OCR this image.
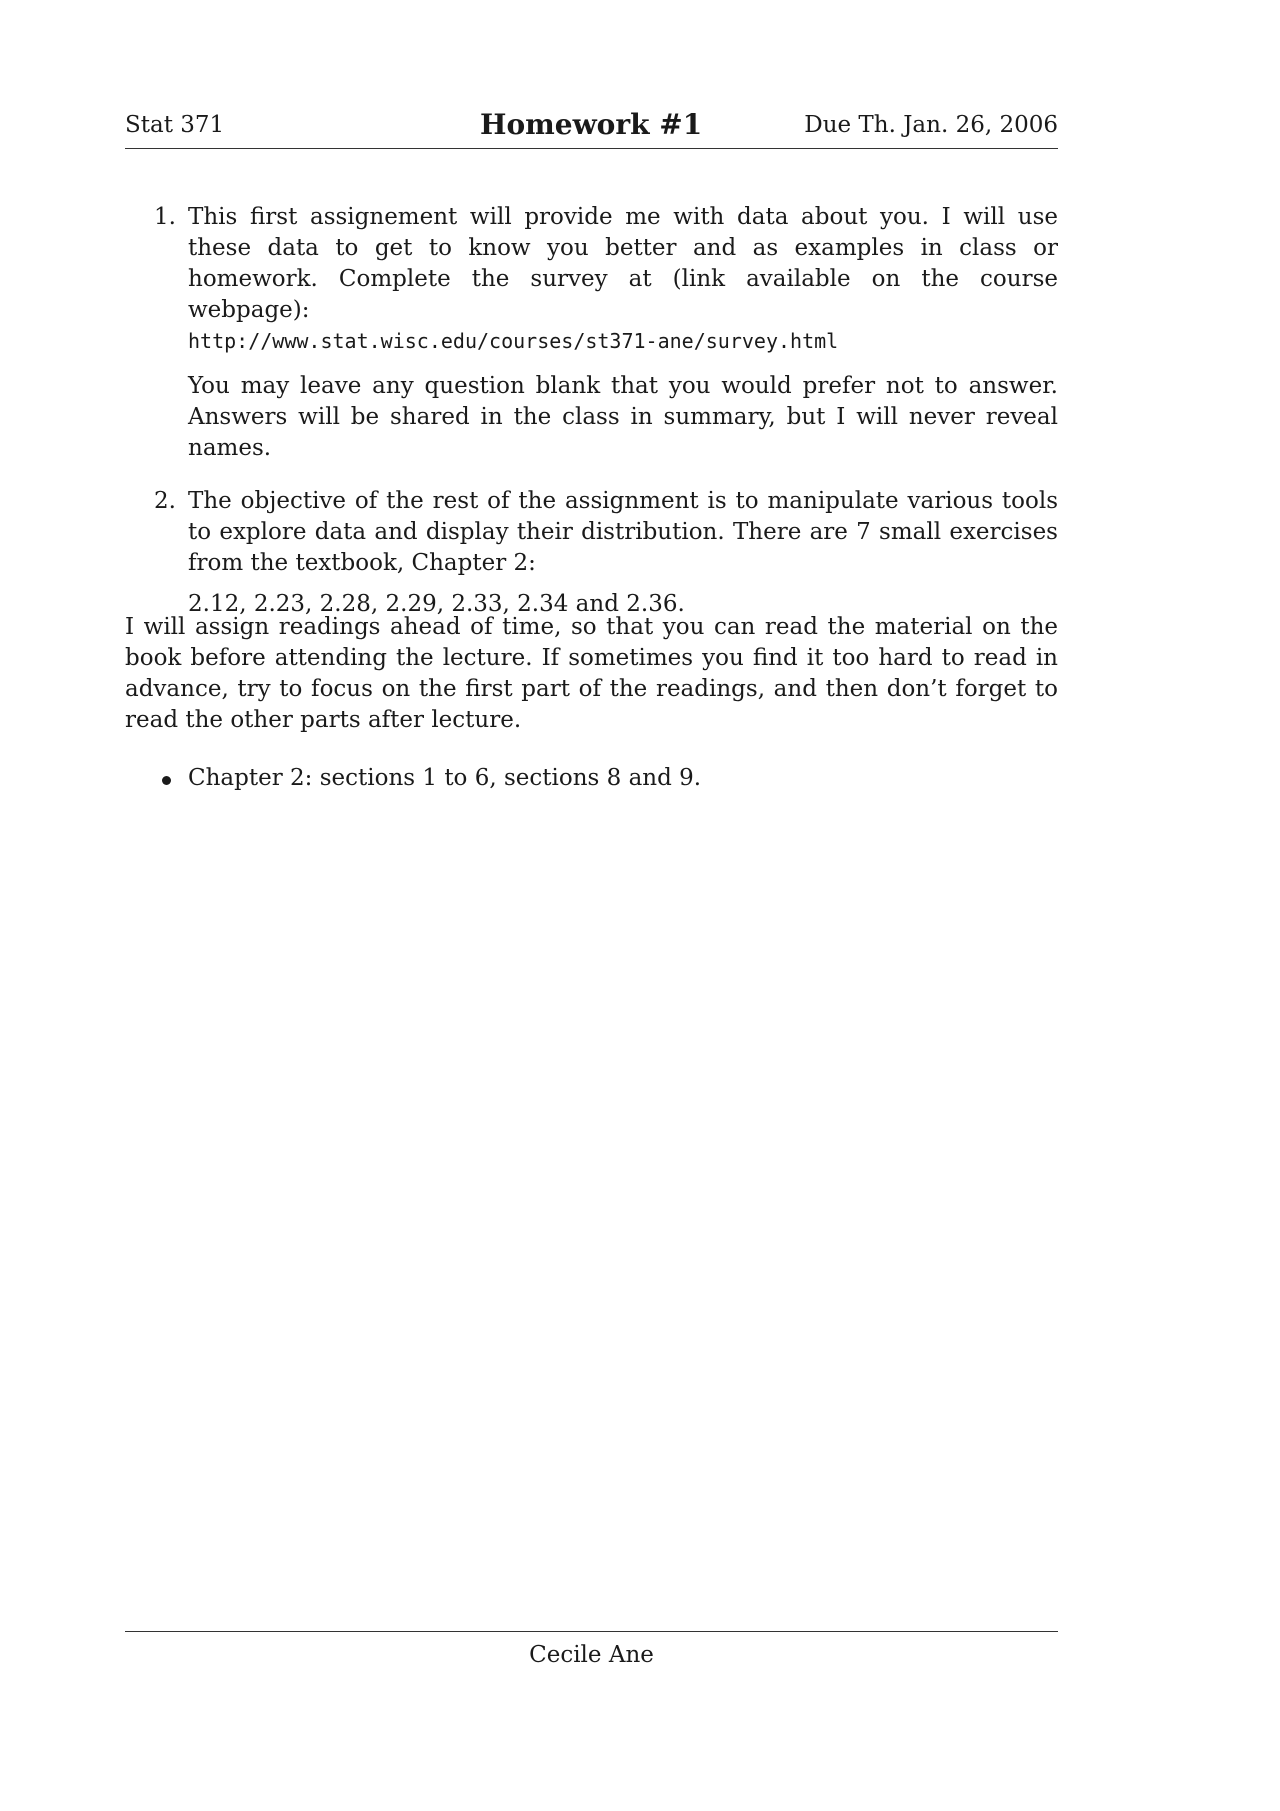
Stat 371	Homework #1	Due Th. Jan. 26, 2006
1. This first assignement will provide me with data about you. I will use these data to get to know you better and as examples in class or homework. Complete the survey at (link available on the course webpage):
http://www.stat.wisc.edu/courses/st371-ane/survey.html

You may leave any question blank that you would prefer not to answer. Answers will be shared in the class in summary, but I will never reveal names.

2. The objective of the rest of the assignment is to manipulate various tools to explore data and display their distribution. There are 7 small exercises from the textbook, Chapter 2:

2.12, 2.23, 2.28, 2.29, 2.33, 2.34 and 2.36.

I will assign readings ahead of time, so that you can read the material on the book before attending the lecture. If sometimes you find it too hard to read in advance, try to focus on the first part of the readings, and then don’t forget to read the other parts after lecture.

Chapter 2: sections 1 to 6, sections 8 and 9.
Cecile Ane
